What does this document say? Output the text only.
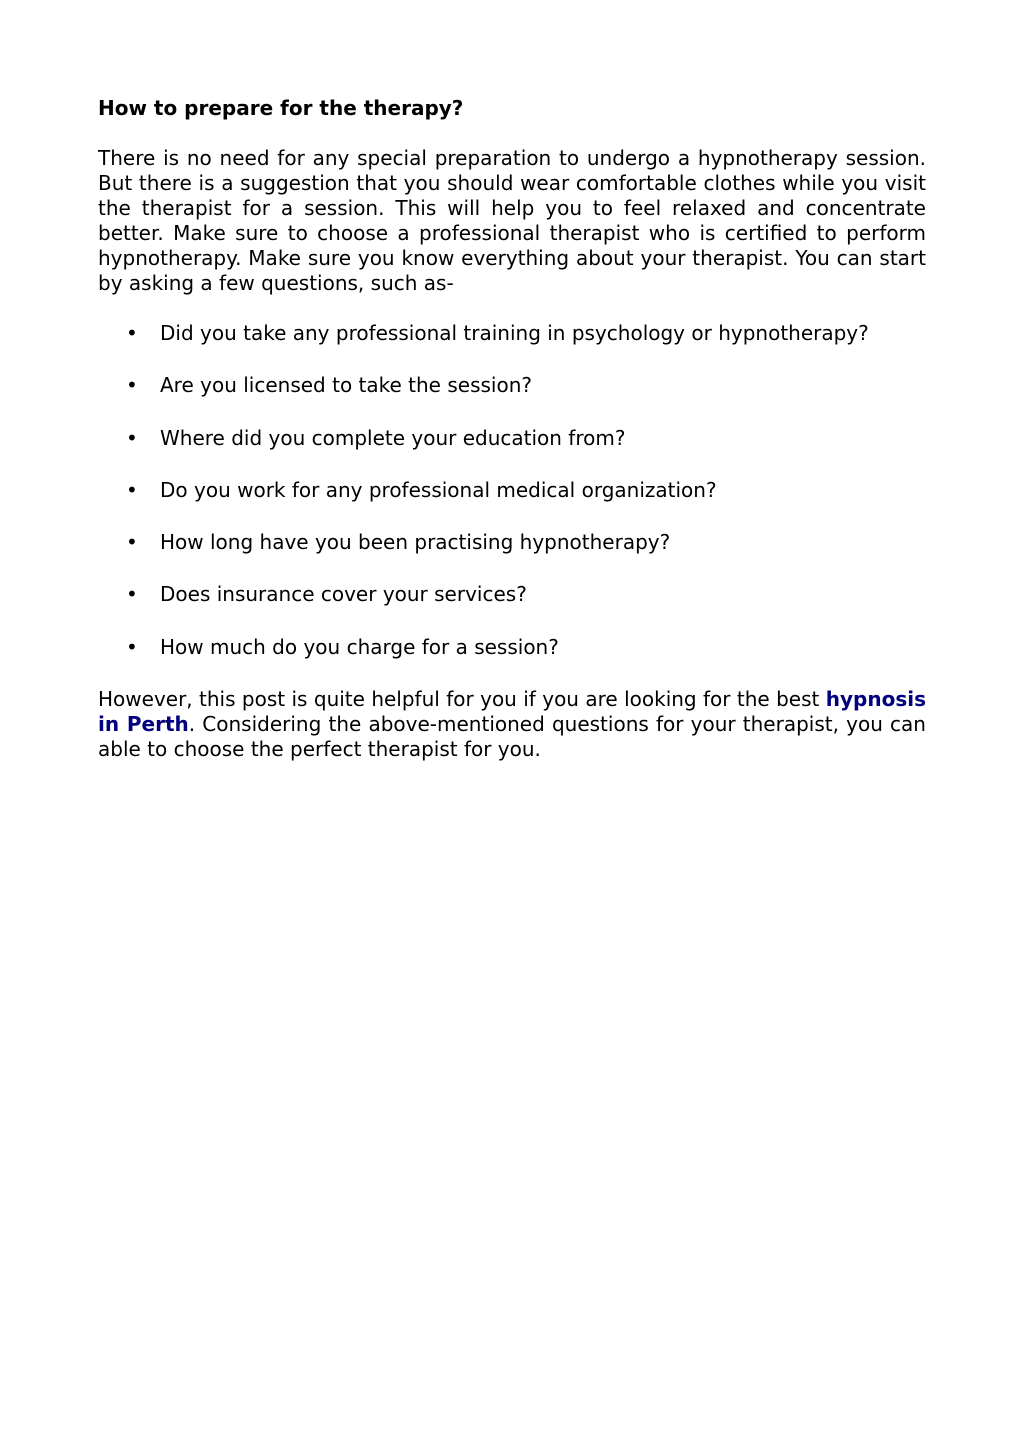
How to prepare for the therapy?

There is no need for any special preparation to undergo a hypnotherapy session. But there is a suggestion that you should wear comfortable clothes while you visit the therapist for a session. This will help you to feel relaxed and concentrate better. Make sure to choose a professional therapist who is certified to perform hypnotherapy. Make sure you know everything about your therapist. You can start by asking a few questions, such as-

• Did you take any professional training in psychology or hypnotherapy?
• Are you licensed to take the session?
• Where did you complete your education from?
• Do you work for any professional medical organization?
• How long have you been practising hypnotherapy?
• Does insurance cover your services?
• How much do you charge for a session?

However, this post is quite helpful for you if you are looking for the best hypnosis in Perth. Considering the above-mentioned questions for your therapist, you can able to choose the perfect therapist for you.
